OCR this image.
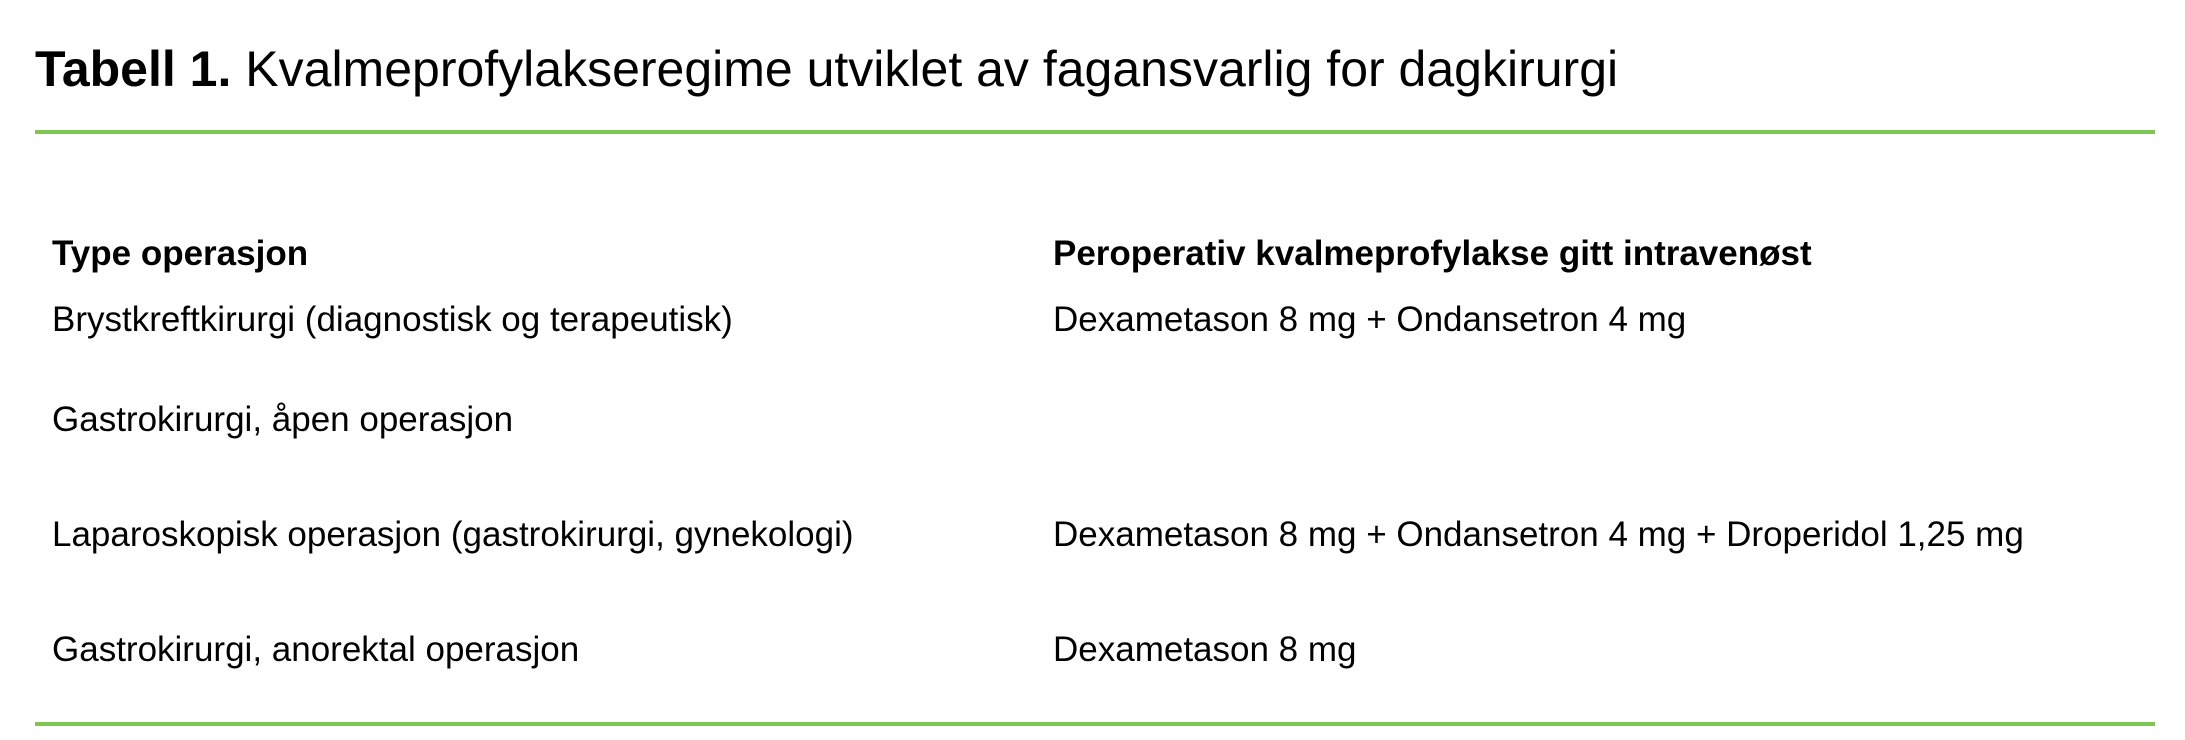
Tabell 1. Kvalmeprofylakseregime utviklet av fagansvarlig for dagkirurgi
Type operasjon	Peroperativ kvalmeprofylakse gitt intravenøst
Brystkreftkirurgi (diagnostisk og terapeutisk)	Dexametason 8 mg + Ondansetron 4 mg
Gastrokirurgi, åpen operasjon
Laparoskopisk operasjon (gastrokirurgi, gynekologi)	Dexametason 8 mg + Ondansetron 4 mg + Droperidol 1,25 mg
Gastrokirurgi, anorektal operasjon	Dexametason 8 mg
